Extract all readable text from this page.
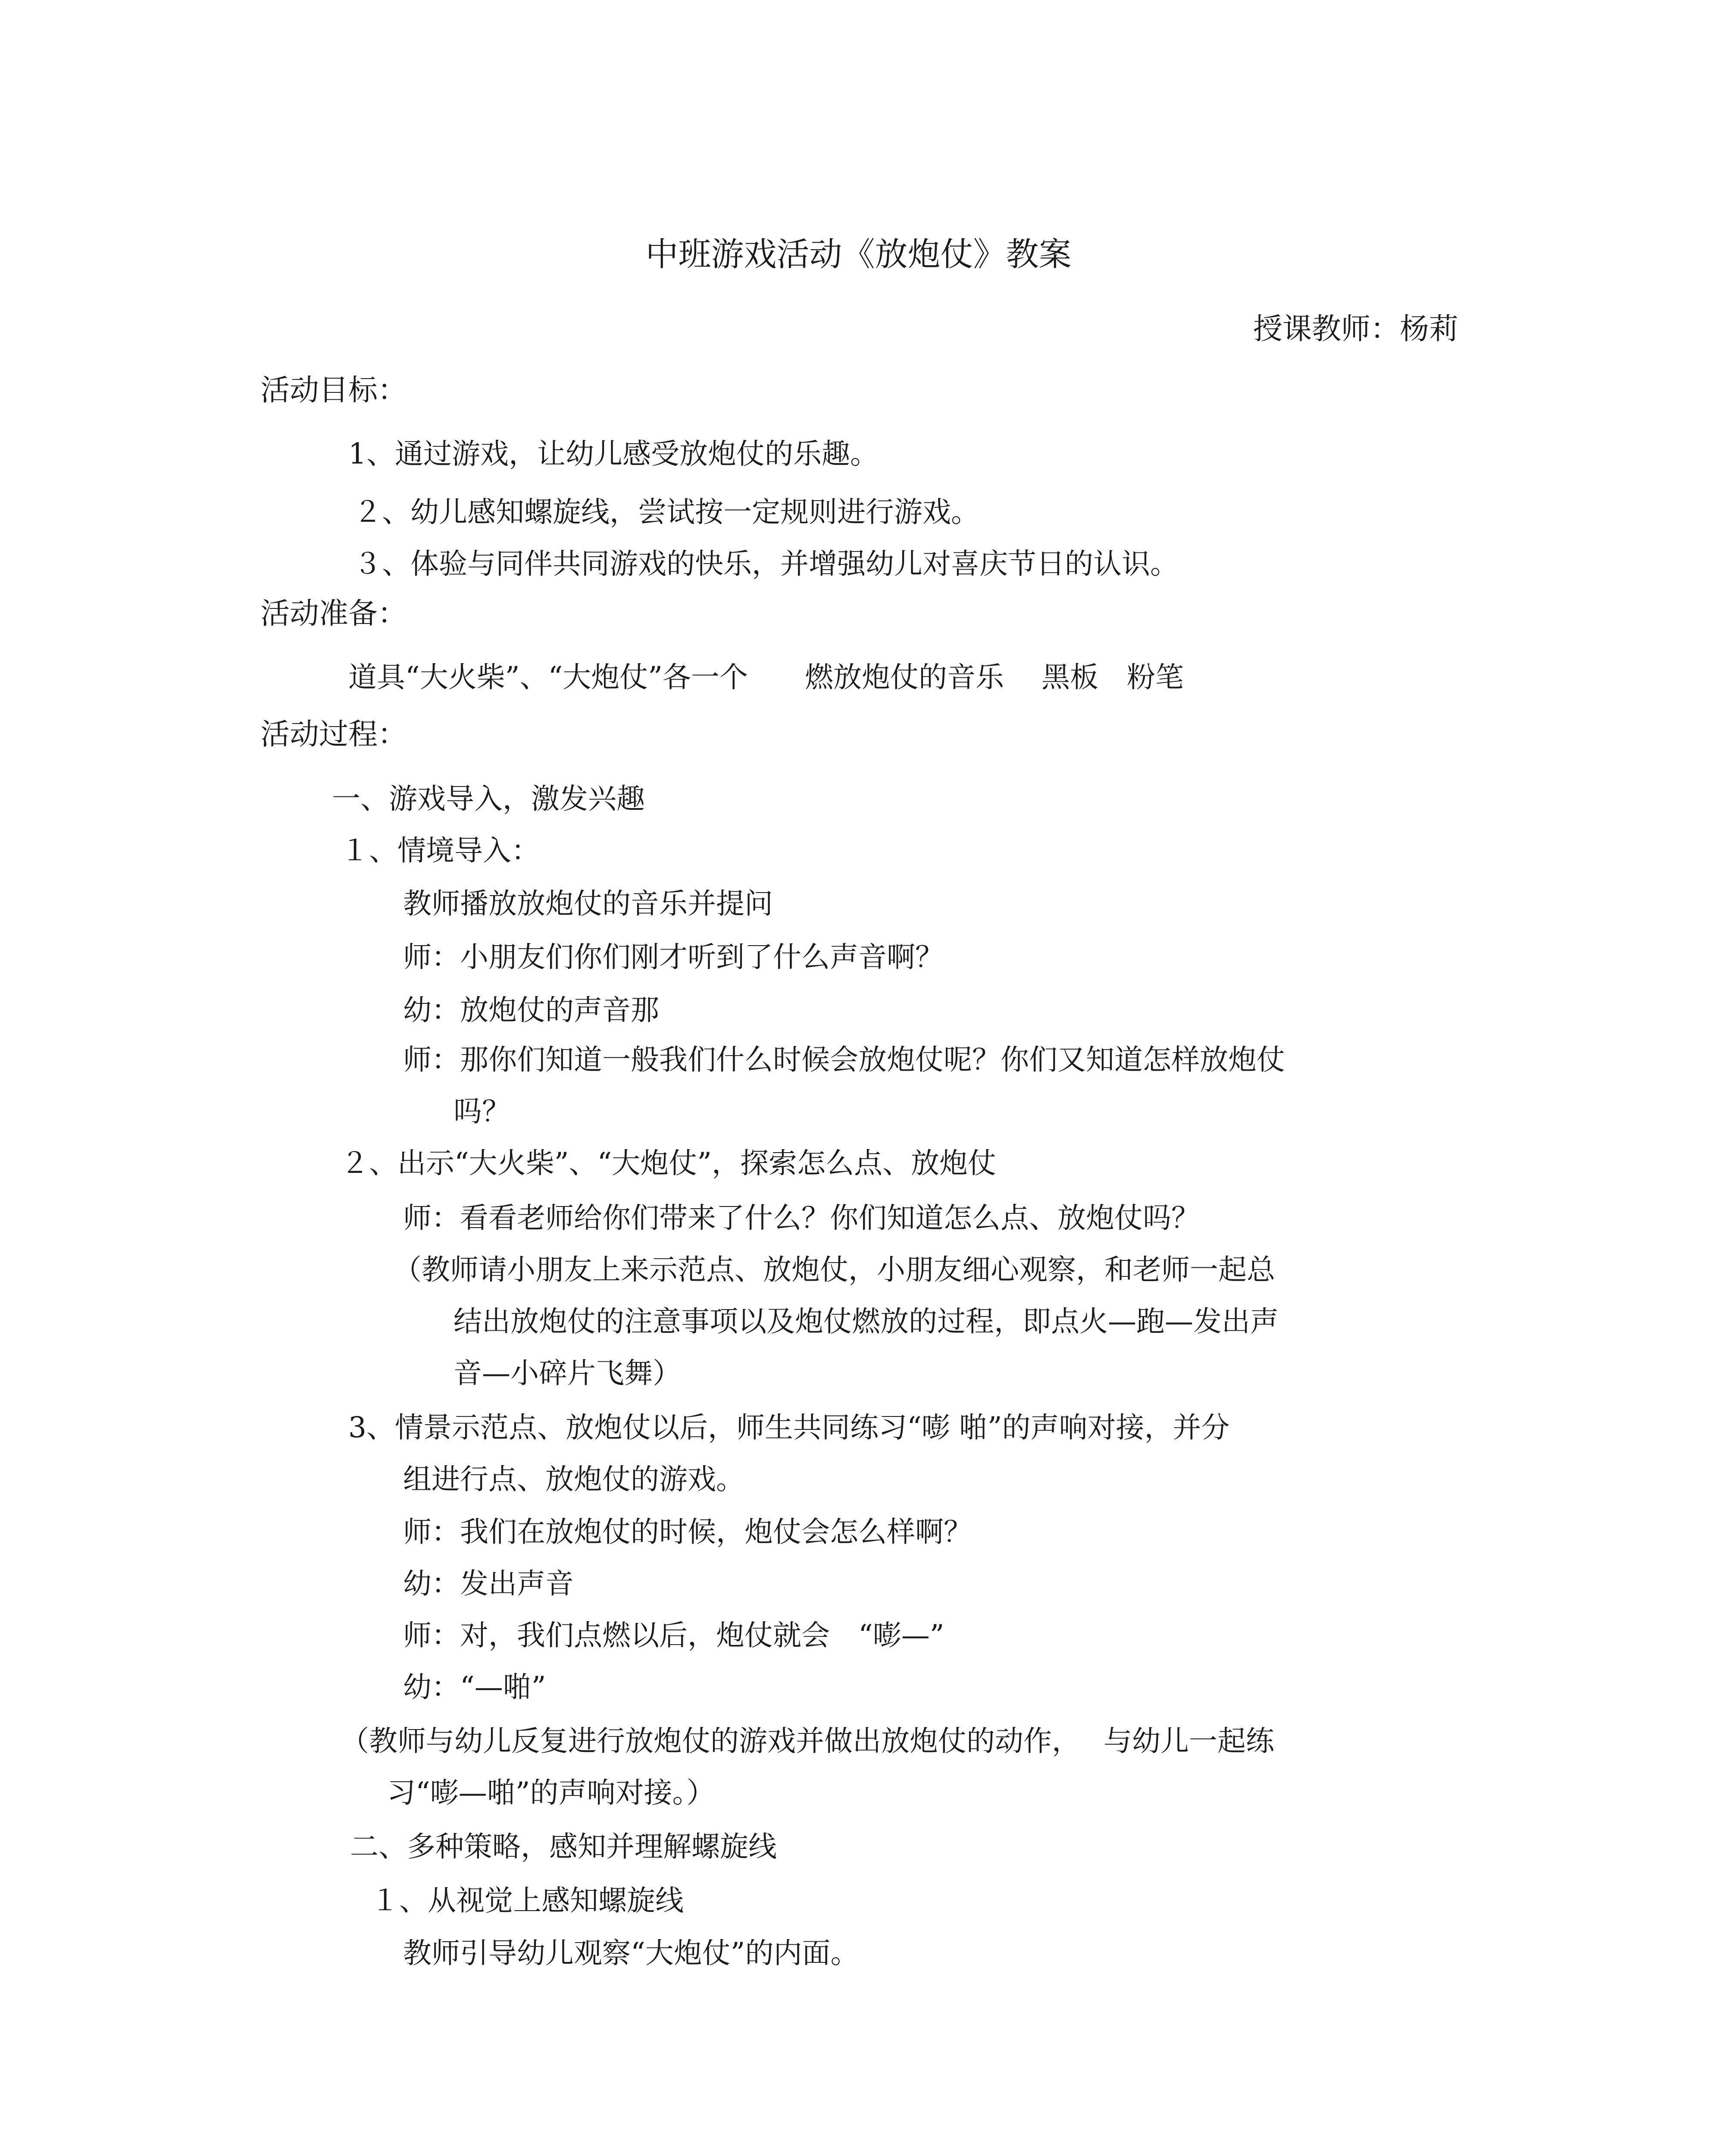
中班游戏活动《放炮仗》教案
授课教师：杨莉
活动目标：
1、通过游戏，让幼儿感受放炮仗的乐趣。
２、幼儿感知螺旋线，尝试按一定规则进行游戏。
３、体验与同伴共同游戏的快乐，并增强幼儿对喜庆节日的认识。
活动准备：
道具“大火柴”、“大炮仗”各一个　　燃放炮仗的音乐　 黑板　粉笔
活动过程：
一、游戏导入，激发兴趣
１、情境导入：
教师播放放炮仗的音乐并提问
师：小朋友们你们刚才听到了什么声音啊？
幼：放炮仗的声音那
师：那你们知道一般我们什么时候会放炮仗呢？你们又知道怎样放炮仗
吗？
２、出示“大火柴”、“大炮仗”，探索怎么点、放炮仗
师：看看老师给你们带来了什么？你们知道怎么点、放炮仗吗？
（教师请小朋友上来示范点、放炮仗，小朋友细心观察，和老师一起总
结出放炮仗的注意事项以及炮仗燃放的过程，即点火—跑—发出声
音—小碎片飞舞）
3、情景示范点、放炮仗以后，师生共同练习“嘭 啪”的声响对接，并分
组进行点、放炮仗的游戏。
师：我们在放炮仗的时候，炮仗会怎么样啊？
幼：发出声音
师：对，我们点燃以后，炮仗就会　“嘭—”
幼：“—啪”
（教师与幼儿反复进行放炮仗的游戏并做出放炮仗的动作，　 与幼儿一起练
习“嘭—啪”的声响对接。）
二、多种策略，感知并理解螺旋线
１、从视觉上感知螺旋线
教师引导幼儿观察“大炮仗”的内面。
